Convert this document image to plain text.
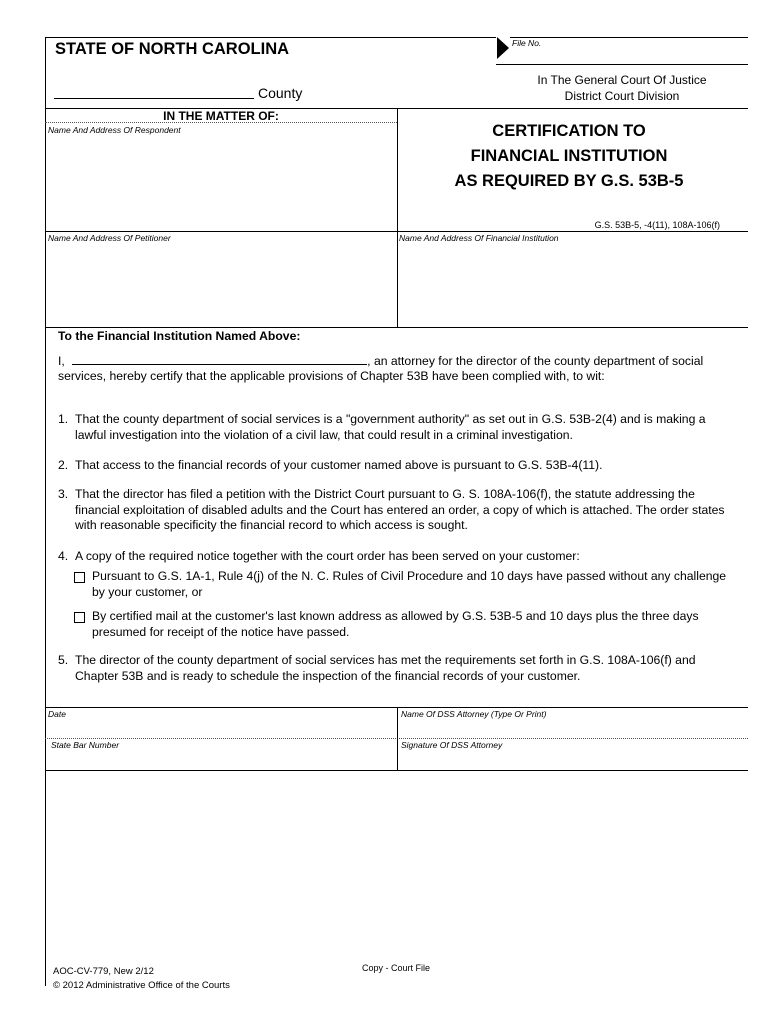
STATE OF NORTH CAROLINA
County
File No.
In The General Court Of Justice
District Court Division
IN THE MATTER OF:
Name And Address Of Respondent
Name And Address Of Petitioner
CERTIFICATION TO
FINANCIAL INSTITUTION
AS REQUIRED BY G.S. 53B-5
G.S. 53B-5, -4(11), 108A-106(f)
Name And Address Of Financial Institution
To the Financial Institution Named Above:
I,	, an attorney for the director of the county department of social
services, hereby certify that the applicable provisions of Chapter 53B have been complied with, to wit:
1. That the county department of social services is a "government authority" as set out in G.S. 53B-2(4) and is making a lawful investigation into the violation of a civil law, that could result in a criminal investigation.
2. That access to the financial records of your customer named above is pursuant to G.S. 53B-4(11).
3. That the director has filed a petition with the District Court pursuant to G. S. 108A-106(f), the statute addressing the financial exploitation of disabled adults and the Court has entered an order, a copy of which is attached. The order states with reasonable specificity the financial record to which access is sought.
4. A copy of the required notice together with the court order has been served on your customer:
Pursuant to G.S. 1A-1, Rule 4(j) of the N. C. Rules of Civil Procedure and 10 days have passed without any challenge by your customer, or
By certified mail at the customer's last known address as allowed by G.S. 53B-5 and 10 days plus the three days presumed for receipt of the notice have passed.
5. The director of the county department of social services has met the requirements set forth in G.S. 108A-106(f) and Chapter 53B and is ready to schedule the inspection of the financial records of your customer.
Date	Name Of DSS Attorney (Type Or Print)
State Bar Number	Signature Of DSS Attorney
AOC-CV-779, New 2/12
© 2012 Administrative Office of the Courts
Copy - Court File
